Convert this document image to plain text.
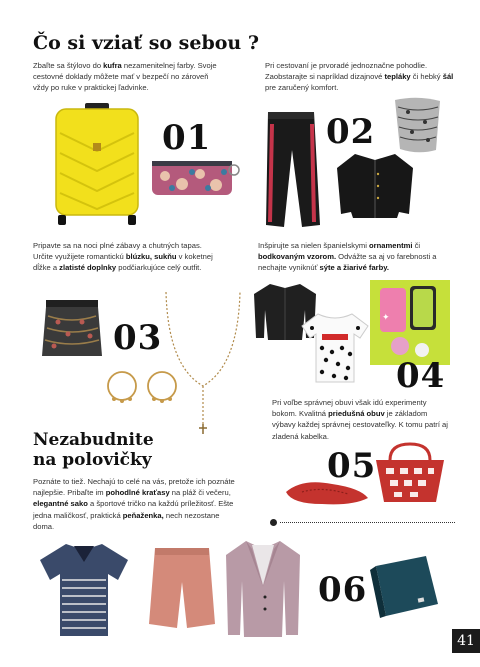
Čo si vziať so sebou ?
Zbaľte sa štýlovo do kufra nezamenitelnej farby. Svoje cestovné doklady môžete mať v bezpečí no zároveň vždy po ruke v praktickej ľadvinke.
Pri cestovaní je prvoradé jednoznačne pohodlie. Zaobstarajte si napríklad dizajnové tepláky či hebký šál pre zaručený komfort.
01	02
Pripavte sa na noci plné zábavy a chutných tapas. Určite využijete romantickú blúzku, sukňu v koketnej dĺžke a zlatisté doplnky podčiarkujúce celý outfit.
Inšpirujte sa nielen španielskymi ornamentmi či bodkovaným vzorom. Odvážte sa aj vo farebnosti a nechajte vyniknúť sýte a žiarivé farby.
03	✦
04
Pri voľbe správnej obuvi však idú experimenty bokom. Kvalitná priedušná obuv je základom výbavy každej správnej cestovateľky. K tomu patrí aj zladená kabelka.
Nezabudnite na polovičky
Poznáte to tiež. Nechajú to celé na vás, pretože ich poznáte najlepšie. Pribaľte im pohodlné kraťasy na pláž či večeru, elegantné sako a športové tričko na každú príležitosť. Ešte jedna maličkosť, praktická peňaženka, nech nezostane doma.
05
06
41
